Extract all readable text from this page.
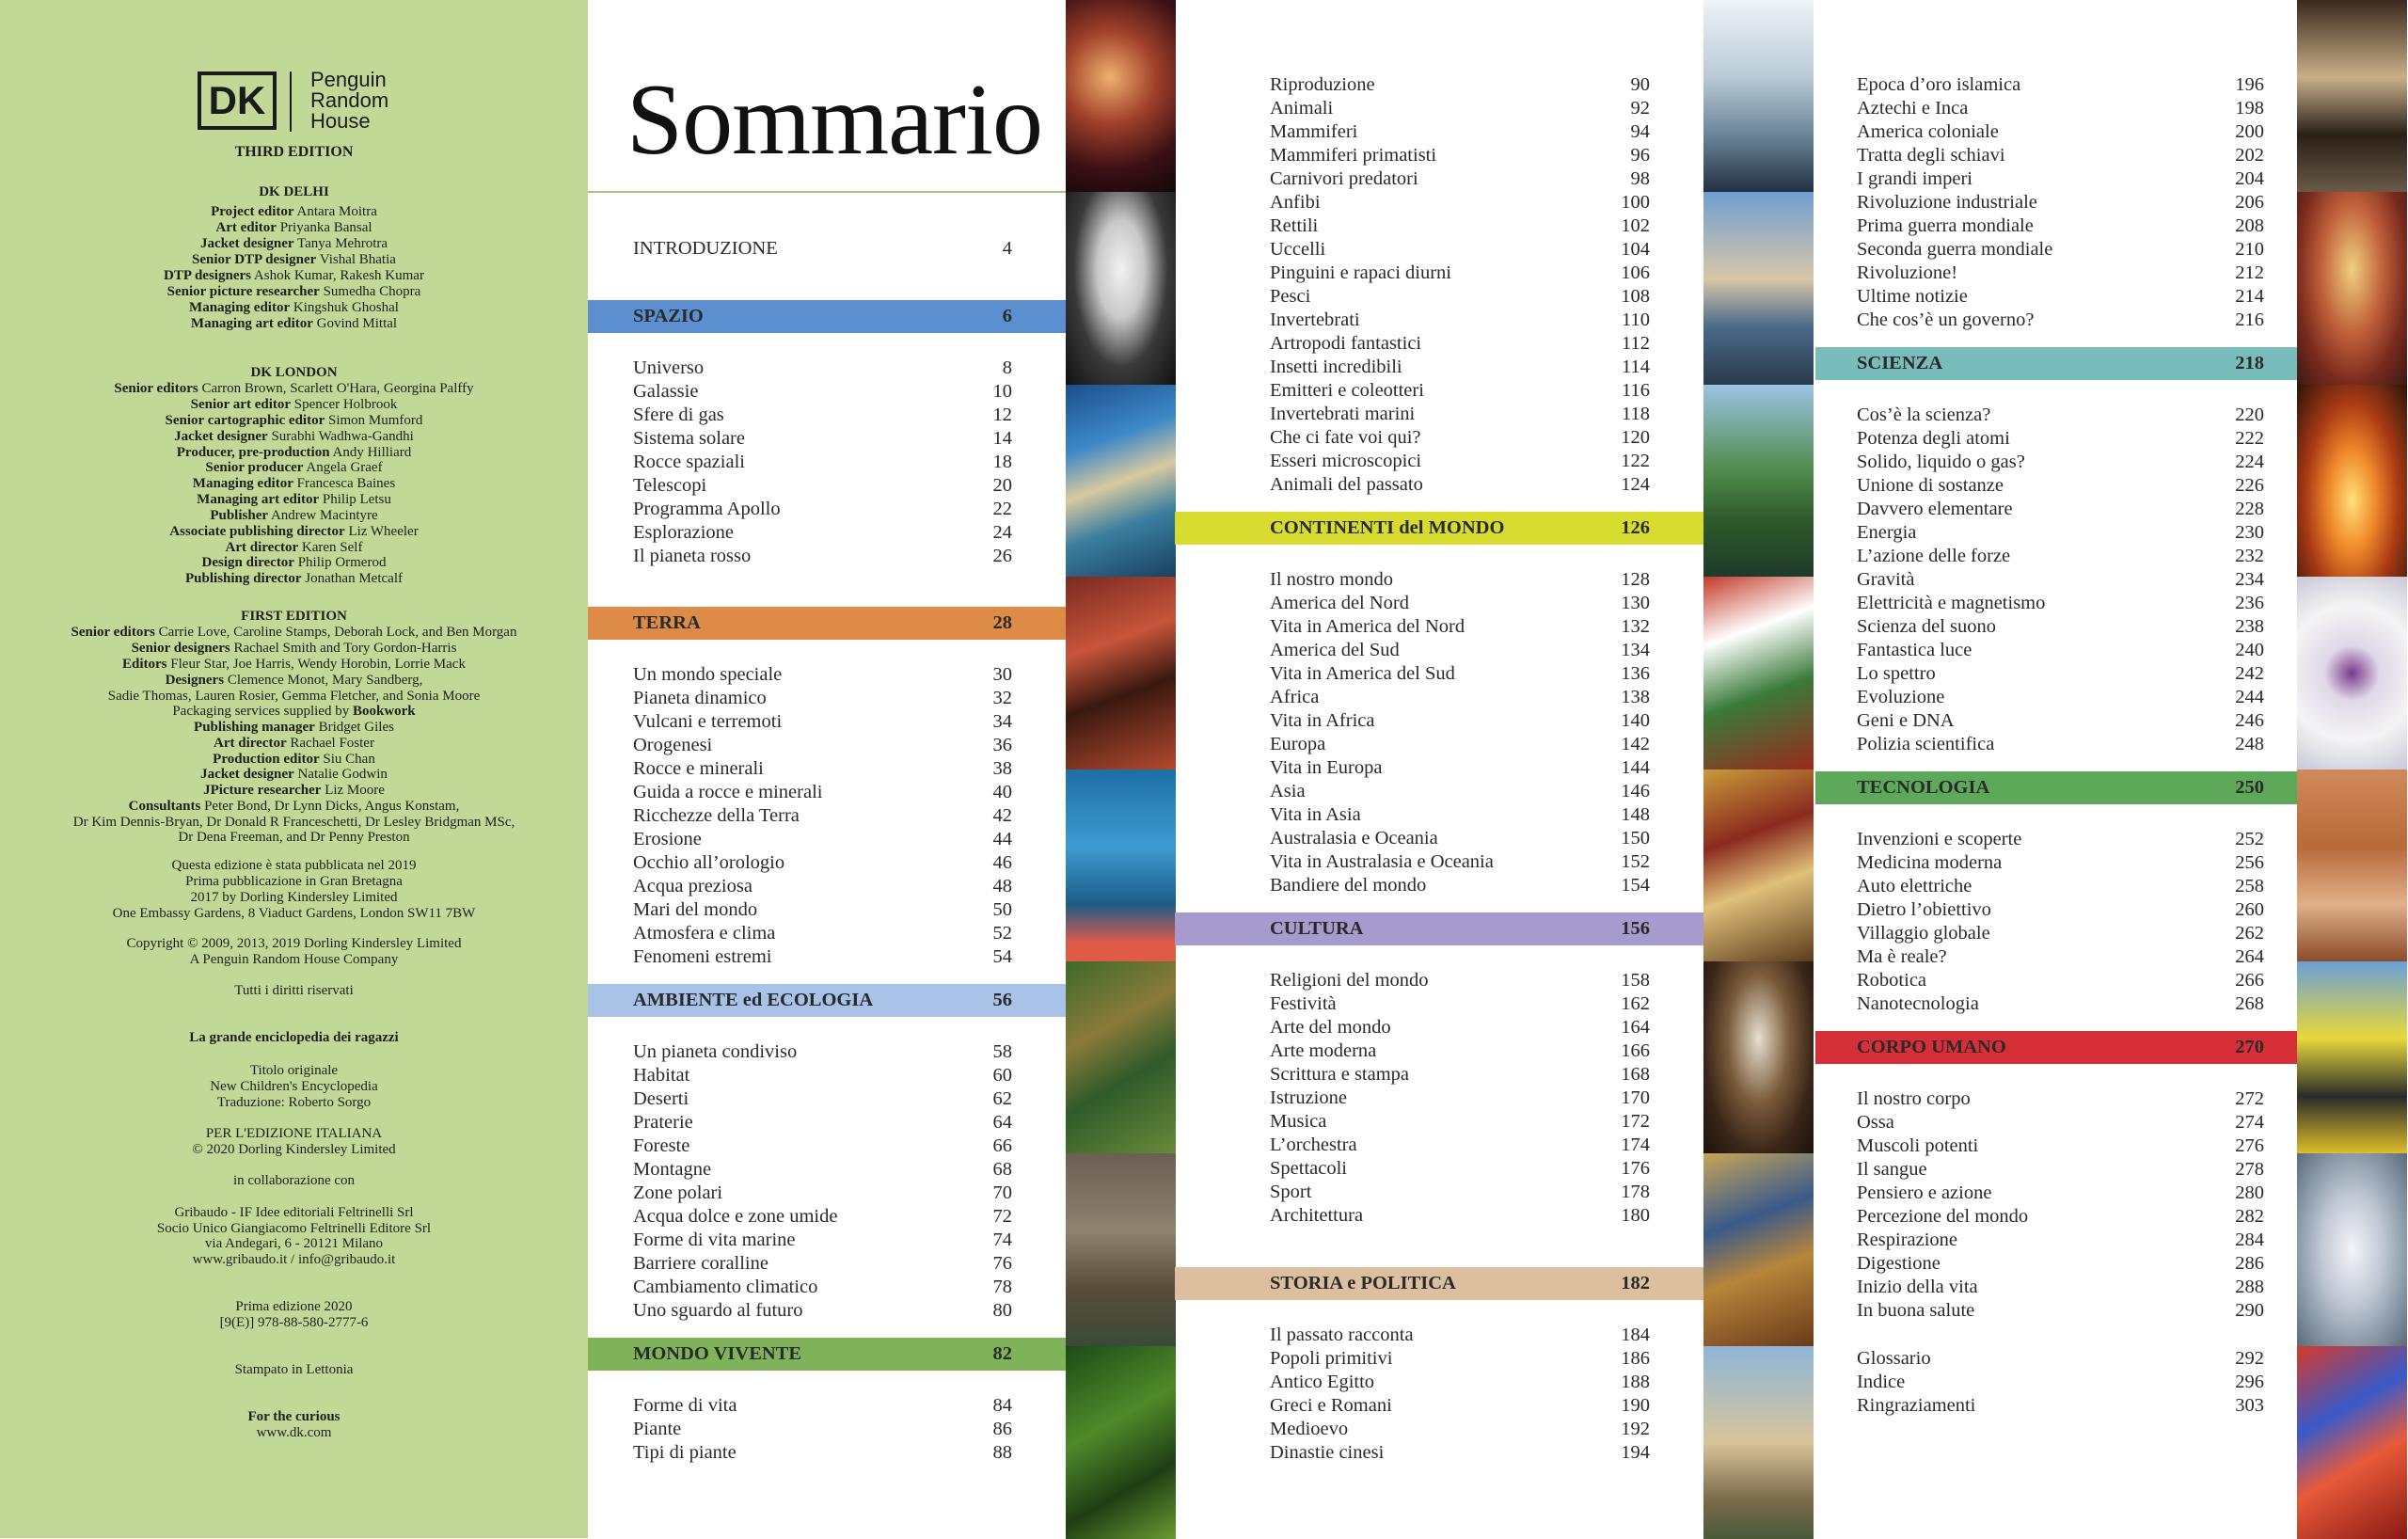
DK	Penguin
Random
House
THIRD EDITION
DK DELHI
Project editor Antara Moitra
Art editor Priyanka Bansal
Jacket designer Tanya Mehrotra
Senior DTP designer Vishal Bhatia
DTP designers Ashok Kumar, Rakesh Kumar
Senior picture researcher Sumedha Chopra
Managing editor Kingshuk Ghoshal
Managing art editor Govind Mittal
DK LONDON
Senior editors Carron Brown, Scarlett O'Hara, Georgina Palffy
Senior art editor Spencer Holbrook
Senior cartographic editor Simon Mumford
Jacket designer Surabhi Wadhwa-Gandhi
Producer, pre-production Andy Hilliard
Senior producer Angela Graef
Managing editor Francesca Baines
Managing art editor Philip Letsu
Publisher Andrew Macintyre
Associate publishing director Liz Wheeler
Art director Karen Self
Design director Philip Ormerod
Publishing director Jonathan Metcalf
FIRST EDITION
Senior editors Carrie Love, Caroline Stamps, Deborah Lock, and Ben Morgan
Senior designers Rachael Smith and Tory Gordon-Harris
Editors Fleur Star, Joe Harris, Wendy Horobin, Lorrie Mack
Designers Clemence Monot, Mary Sandberg,
Sadie Thomas, Lauren Rosier, Gemma Fletcher, and Sonia Moore
Packaging services supplied by Bookwork
Publishing manager Bridget Giles
Art director Rachael Foster
Production editor Siu Chan
Jacket designer Natalie Godwin
JPicture researcher Liz Moore
Consultants Peter Bond, Dr Lynn Dicks, Angus Konstam,
Dr Kim Dennis-Bryan, Dr Donald R Franceschetti, Dr Lesley Bridgman MSc,
Dr Dena Freeman, and Dr Penny Preston
Questa edizione è stata pubblicata nel 2019
Prima pubblicazione in Gran Bretagna
2017 by Dorling Kindersley Limited
One Embassy Gardens, 8 Viaduct Gardens, London SW11 7BW
Copyright © 2009, 2013, 2019 Dorling Kindersley Limited
A Penguin Random House Company
Tutti i diritti riservati
La grande enciclopedia dei ragazzi
Titolo originale
New Children's Encyclopedia
Traduzione: Roberto Sorgo
PER L'EDIZIONE ITALIANA
© 2020 Dorling Kindersley Limited
in collaborazione con
Gribaudo - IF Idee editoriali Feltrinelli Srl
Socio Unico Giangiacomo Feltrinelli Editore Srl
via Andegari, 6 - 20121 Milano
www.gribaudo.it / info@gribaudo.it
Prima edizione 2020
[9(E)] 978-88-580-2777-6
Stampato in Lettonia
For the curious
www.dk.com
Sommario
INTRODUZIONE	4
SPAZIO	6
Universo	8
Galassie	10
Sfere di gas	12
Sistema solare	14
Rocce spaziali	18
Telescopi	20
Programma Apollo	22
Esplorazione	24
Il pianeta rosso	26
TERRA	28
Un mondo speciale	30
Pianeta dinamico	32
Vulcani e terremoti	34
Orogenesi	36
Rocce e minerali	38
Guida a rocce e minerali	40
Ricchezze della Terra	42
Erosione	44
Occhio all’orologio	46
Acqua preziosa	48
Mari del mondo	50
Atmosfera e clima	52
Fenomeni estremi	54
AMBIENTE ed ECOLOGIA	56
Un pianeta condiviso	58
Habitat	60
Deserti	62
Praterie	64
Foreste	66
Montagne	68
Zone polari	70
Acqua dolce e zone umide	72
Forme di vita marine	74
Barriere coralline	76
Cambiamento climatico	78
Uno sguardo al futuro	80
MONDO VIVENTE	82
Forme di vita	84
Piante	86
Tipi di piante	88
Riproduzione	90
Animali	92
Mammiferi	94
Mammiferi primatisti	96
Carnivori predatori	98
Anfibi	100
Rettili	102
Uccelli	104
Pinguini e rapaci diurni	106
Pesci	108
Invertebrati	110
Artropodi fantastici	112
Insetti incredibili	114
Emitteri e coleotteri	116
Invertebrati marini	118
Che ci fate voi qui?	120
Esseri microscopici	122
Animali del passato	124
CONTINENTI del MONDO	126
Il nostro mondo	128
America del Nord	130
Vita in America del Nord	132
America del Sud	134
Vita in America del Sud	136
Africa	138
Vita in Africa	140
Europa	142
Vita in Europa	144
Asia	146
Vita in Asia	148
Australasia e Oceania	150
Vita in Australasia e Oceania	152
Bandiere del mondo	154
CULTURA	156
Religioni del mondo	158
Festività	162
Arte del mondo	164
Arte moderna	166
Scrittura e stampa	168
Istruzione	170
Musica	172
L’orchestra	174
Spettacoli	176
Sport	178
Architettura	180
STORIA e POLITICA	182
Il passato racconta	184
Popoli primitivi	186
Antico Egitto	188
Greci e Romani	190
Medioevo	192
Dinastie cinesi	194
Epoca d’oro islamica	196
Aztechi e Inca	198
America coloniale	200
Tratta degli schiavi	202
I grandi imperi	204
Rivoluzione industriale	206
Prima guerra mondiale	208
Seconda guerra mondiale	210
Rivoluzione!	212
Ultime notizie	214
Che cos’è un governo?	216
SCIENZA	218
Cos’è la scienza?	220
Potenza degli atomi	222
Solido, liquido o gas?	224
Unione di sostanze	226
Davvero elementare	228
Energia	230
L’azione delle forze	232
Gravità	234
Elettricità e magnetismo	236
Scienza del suono	238
Fantastica luce	240
Lo spettro	242
Evoluzione	244
Geni e DNA	246
Polizia scientifica	248
TECNOLOGIA	250
Invenzioni e scoperte	252
Medicina moderna	256
Auto elettriche	258
Dietro l’obiettivo	260
Villaggio globale	262
Ma è reale?	264
Robotica	266
Nanotecnologia	268
CORPO UMANO	270
Il nostro corpo	272
Ossa	274
Muscoli potenti	276
Il sangue	278
Pensiero e azione	280
Percezione del mondo	282
Respirazione	284
Digestione	286
Inizio della vita	288
In buona salute	290
Glossario	292
Indice	296
Ringraziamenti	303
